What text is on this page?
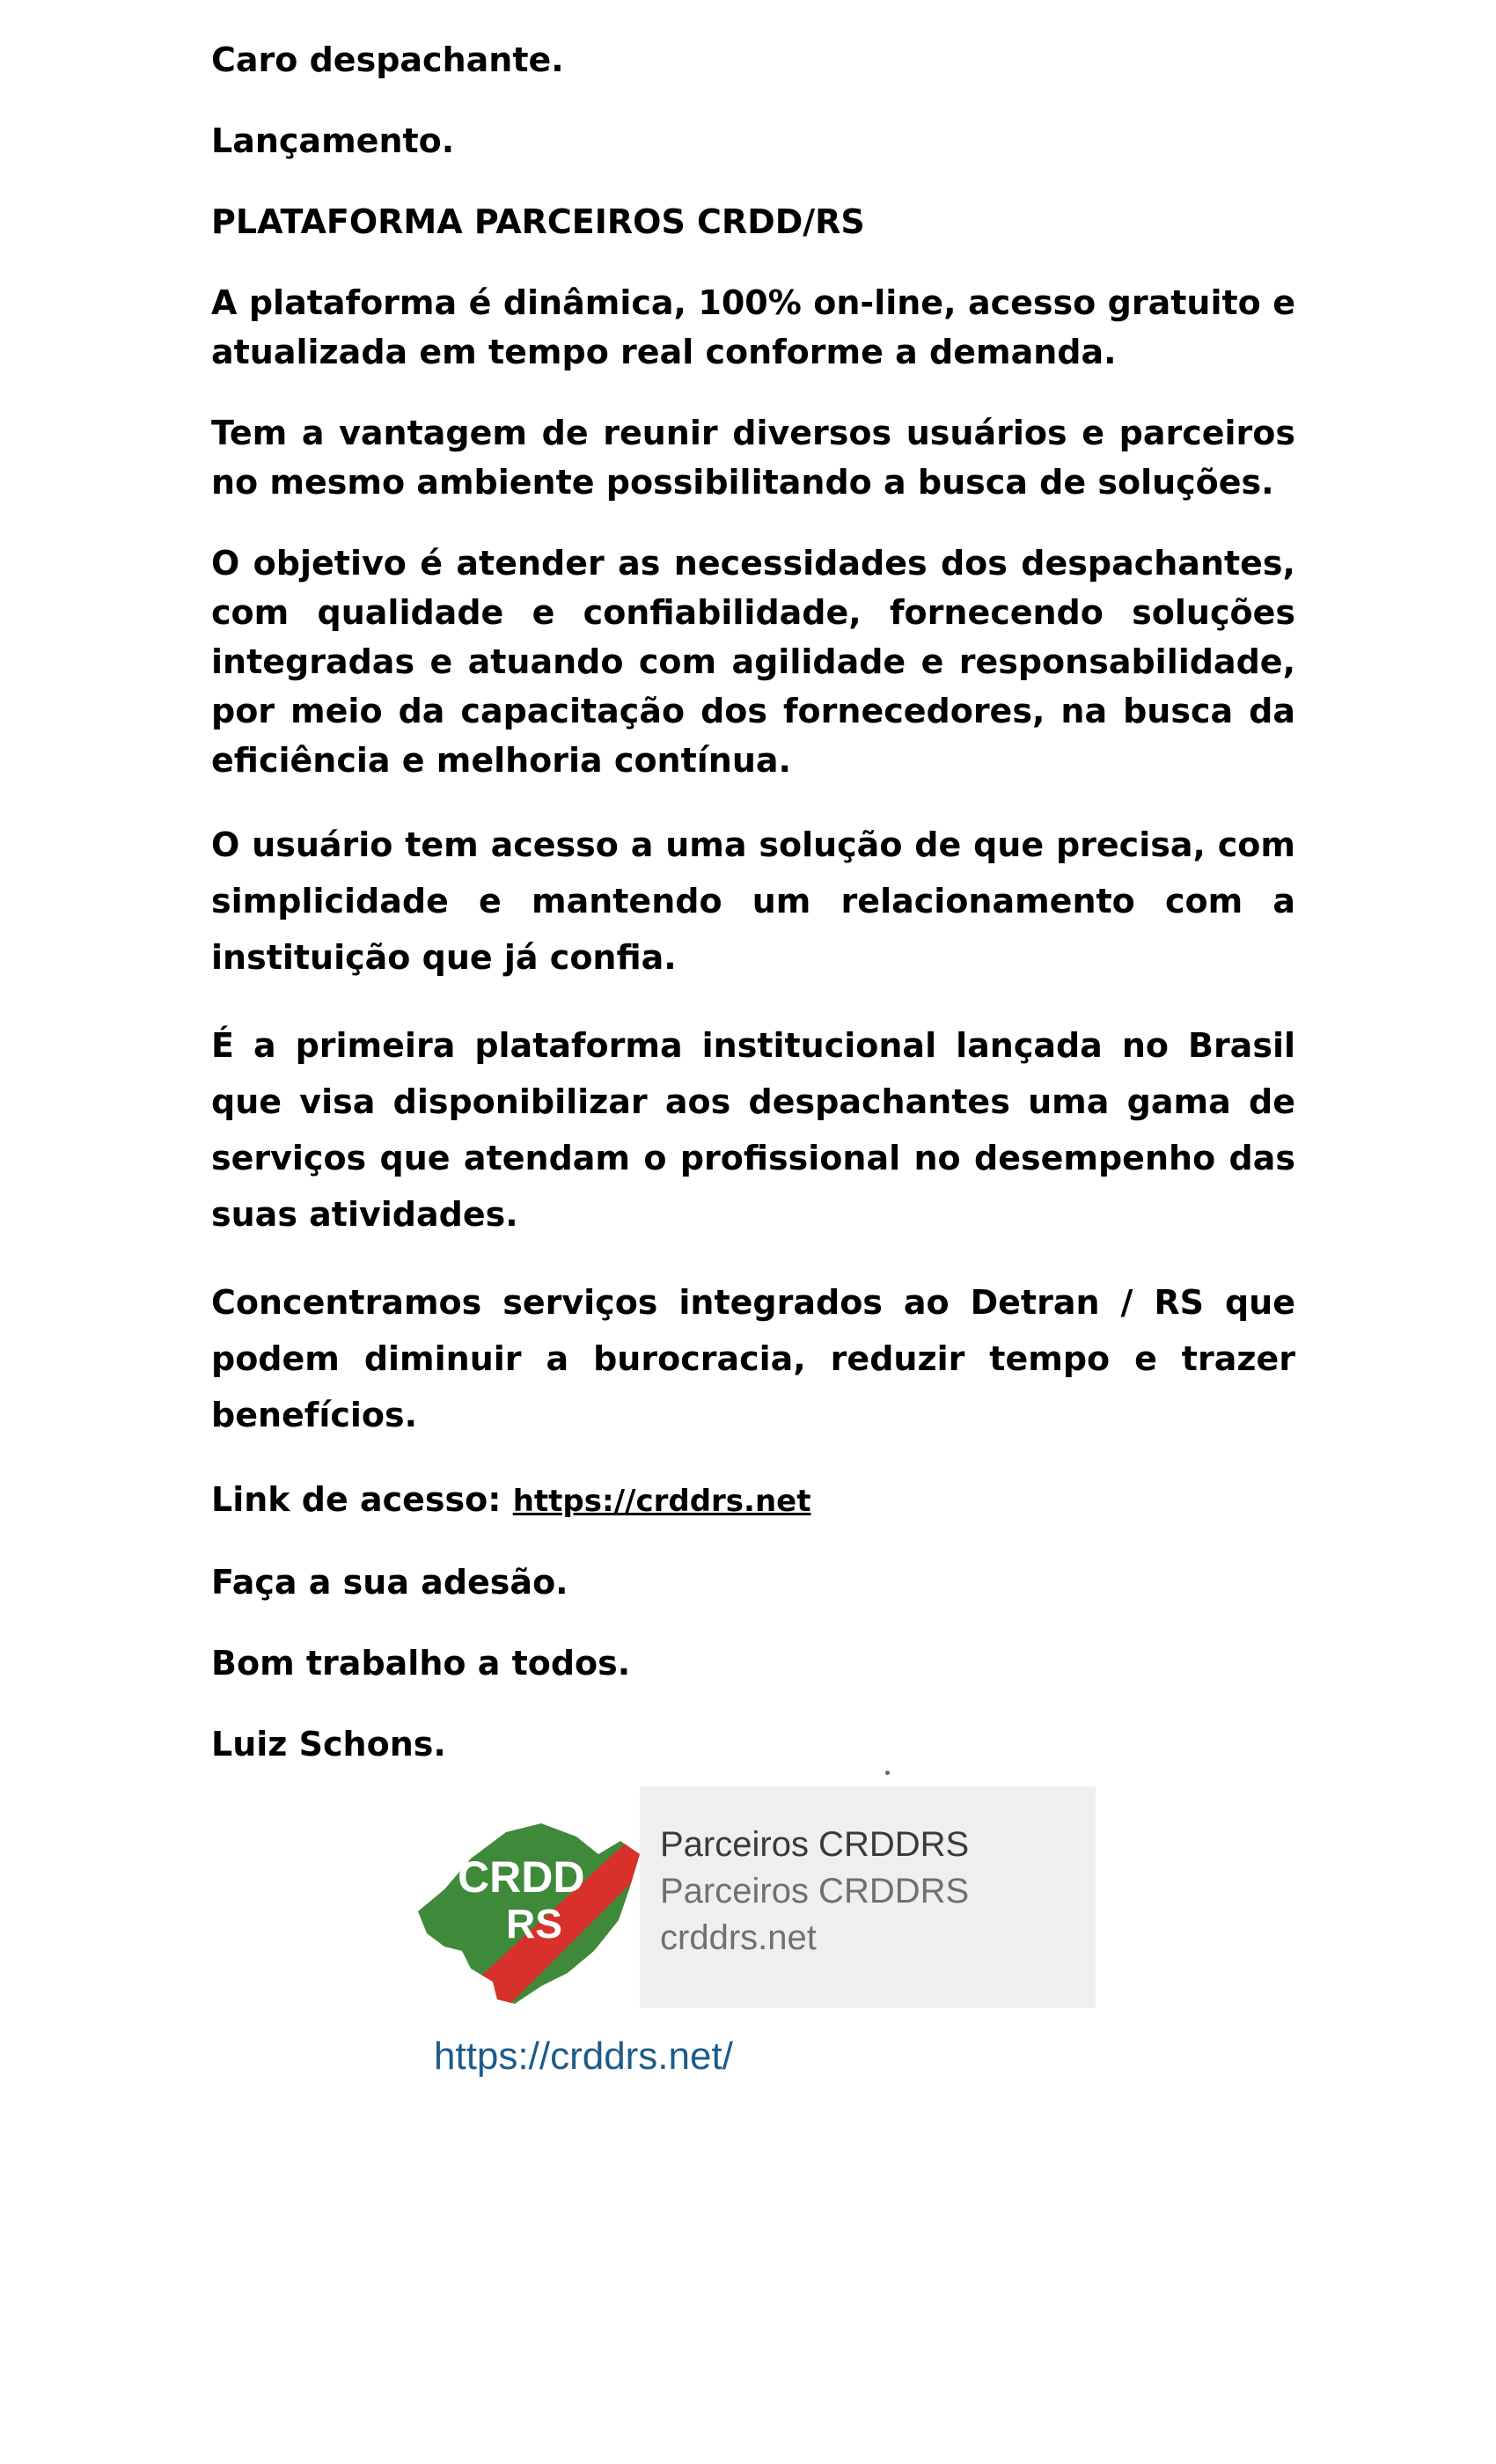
Caro despachante.

Lançamento.

PLATAFORMA PARCEIROS CRDD/RS

A plataforma é dinâmica, 100% on-line, acesso gratuito e atualizada em tempo real conforme a demanda.

Tem a vantagem de reunir diversos usuários e parceiros no mesmo ambiente possibilitando a busca de soluções.

O objetivo é atender as necessidades dos despachantes, com qualidade e confiabilidade, fornecendo soluções integradas e atuando com agilidade e responsabilidade, por meio da capacitação dos fornecedores, na busca da eficiência e melhoria contínua.

O usuário tem acesso a uma solução de que precisa, com simplicidade e mantendo um relacionamento com a instituição que já confia.

É a primeira plataforma institucional lançada no Brasil que visa disponibilizar aos despachantes uma gama de serviços que atendam o profissional no desempenho das suas atividades.

Concentramos serviços integrados ao Detran / RS que podem diminuir a burocracia, reduzir tempo e trazer benefícios.

Link de acesso: https://crddrs.net

Faça a sua adesão.

Bom trabalho a todos.

Luiz Schons.

CRDD
RS
Parceiros CRDDRS
Parceiros CRDDRS
crddrs.net
https://crddrs.net/
